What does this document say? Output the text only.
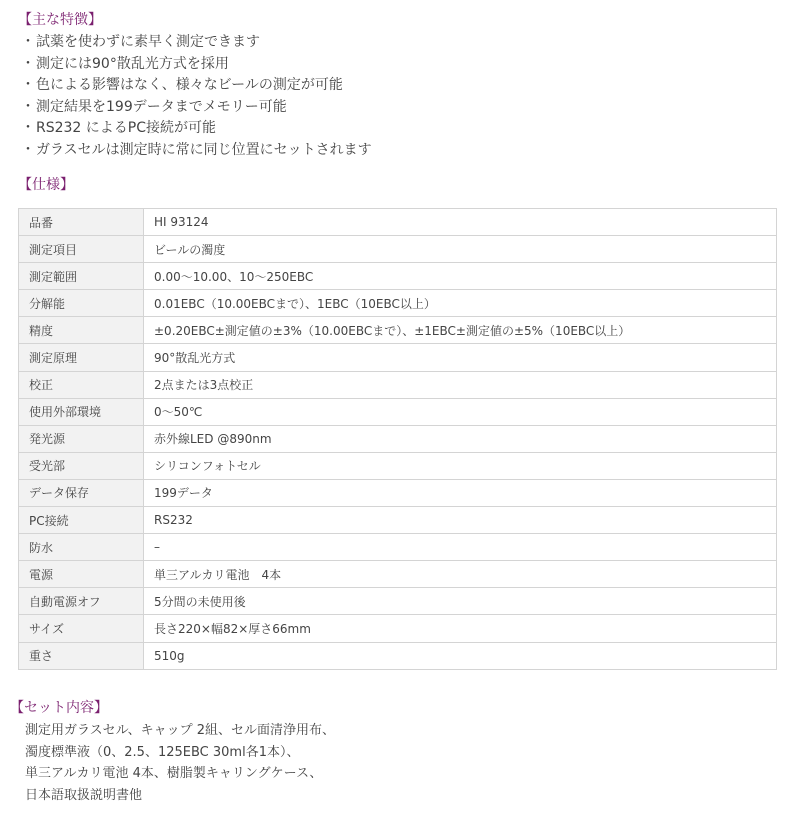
【主な特徴】
・試薬を使わずに素早く測定できます
・測定には90°散乱光方式を採用
・色による影響はなく、様々なビールの測定が可能
・測定結果を199データまでメモリー可能
・RS232 によるPC接続が可能
・ガラスセルは測定時に常に同じ位置にセットされます
【仕様】
品番	HI 93124
測定項目	ビールの濁度
測定範囲	0.00〜10.00、10〜250EBC
分解能	0.01EBC（10.00EBCまで）、1EBC（10EBC以上）
精度	±0.20EBC±測定値の±3%（10.00EBCまで）、±1EBC±測定値の±5%（10EBC以上）
測定原理	90°散乱光方式
校正	2点または3点校正
使用外部環境	0〜50℃
発光源	赤外線LED @890nm
受光部	シリコンフォトセル
データ保存	199データ
PC接続	RS232
防水	–
電源	単三アルカリ電池　4本
自動電源オフ	5分間の未使用後
サイズ	長さ220×幅82×厚さ66mm
重さ	510g
【セット内容】
測定用ガラスセル、キャップ 2組、セル面清浄用布、
濁度標準液（0、2.5、125EBC 30ml各1本）、
単三アルカリ電池 4本、樹脂製キャリングケース、
日本語取扱説明書他
